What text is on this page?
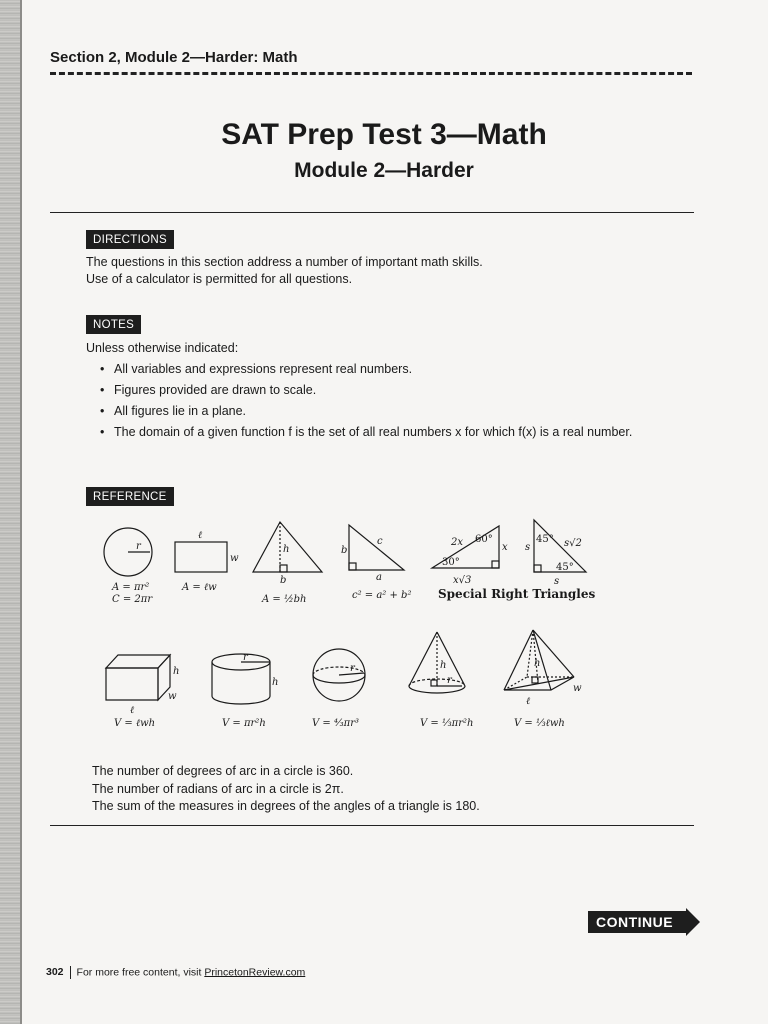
Section 2, Module 2—Harder: Math
SAT Prep Test 3—Math
Module 2—Harder
DIRECTIONS
The questions in this section address a number of important math skills.
Use of a calculator is permitted for all questions.
NOTES
Unless otherwise indicated:
• All variables and expressions represent real numbers.
• Figures provided are drawn to scale.
• All figures lie in a plane.
• The domain of a given function f is the set of all real numbers x for which f(x) is a real number.
REFERENCE
r
ℓ
w
h
b
b
a
c	2x 60°
x
30°
x√3
s
45° s√2
45°
s
A = πr²
C = 2πr
A = ℓw
A = ½bh	c² = a² + b² Special Right Triangles
h
w
ℓ
r
h
r	h
r
h
w
ℓ
V = ℓwh	V = πr²h	V = ⁴⁄₃πr³	V = ⅓πr²h	V = ⅓ℓwh
The number of degrees of arc in a circle is 360.
The number of radians of arc in a circle is 2π.
The sum of the measures in degrees of the angles of a triangle is 180.
CONTINUE
302 For more free content, visit PrincetonReview.com
